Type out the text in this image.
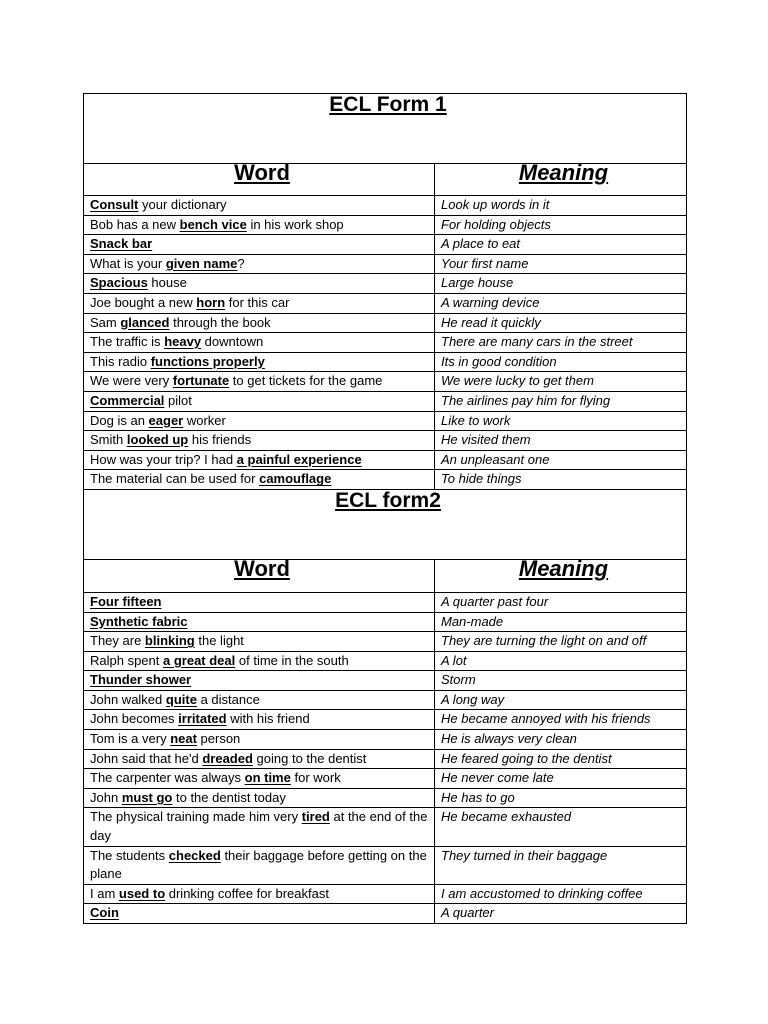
ECL Form 1	
Word	Meaning
Consult your dictionary	Look up words in it
Bob has a new bench vice in his work shop	For holding objects
Snack bar	A place to eat
What is your given name?	Your first name
Spacious house	Large house
Joe bought a new horn for this car	A warning device
Sam glanced through the book	He read it quickly
The traffic is heavy downtown	There are many cars in the street
This radio functions properly	Its in good condition
We were very fortunate to get tickets for the game	We were lucky to get them
Commercial pilot	The airlines pay him for flying
Dog is an eager worker	Like to work
Smith looked up his friends	He visited them
How was your trip? I had a painful experience	An unpleasant one
The material can be used for camouflage	To hide things
ECL form2	
Word	Meaning
Four fifteen	A quarter past four
Synthetic fabric	Man-made
They are blinking the light	They are turning the light on and off
Ralph spent a great deal of time in the south	A lot
Thunder shower	Storm
John walked quite a distance	A long way
John becomes irritated with his friend	He became annoyed with his friends
Tom is a very neat person	He is always very clean
John said that he'd dreaded going to the dentist	He feared going to the dentist
The carpenter was always on time for work	He never come late
John must go to the dentist today	He has to go
The physical training made him very tired at the end of the day	He became exhausted
The students checked their baggage before getting on the plane	They turned in their baggage
I am used to drinking coffee for breakfast	I am accustomed to drinking coffee
Coin	A quarter
